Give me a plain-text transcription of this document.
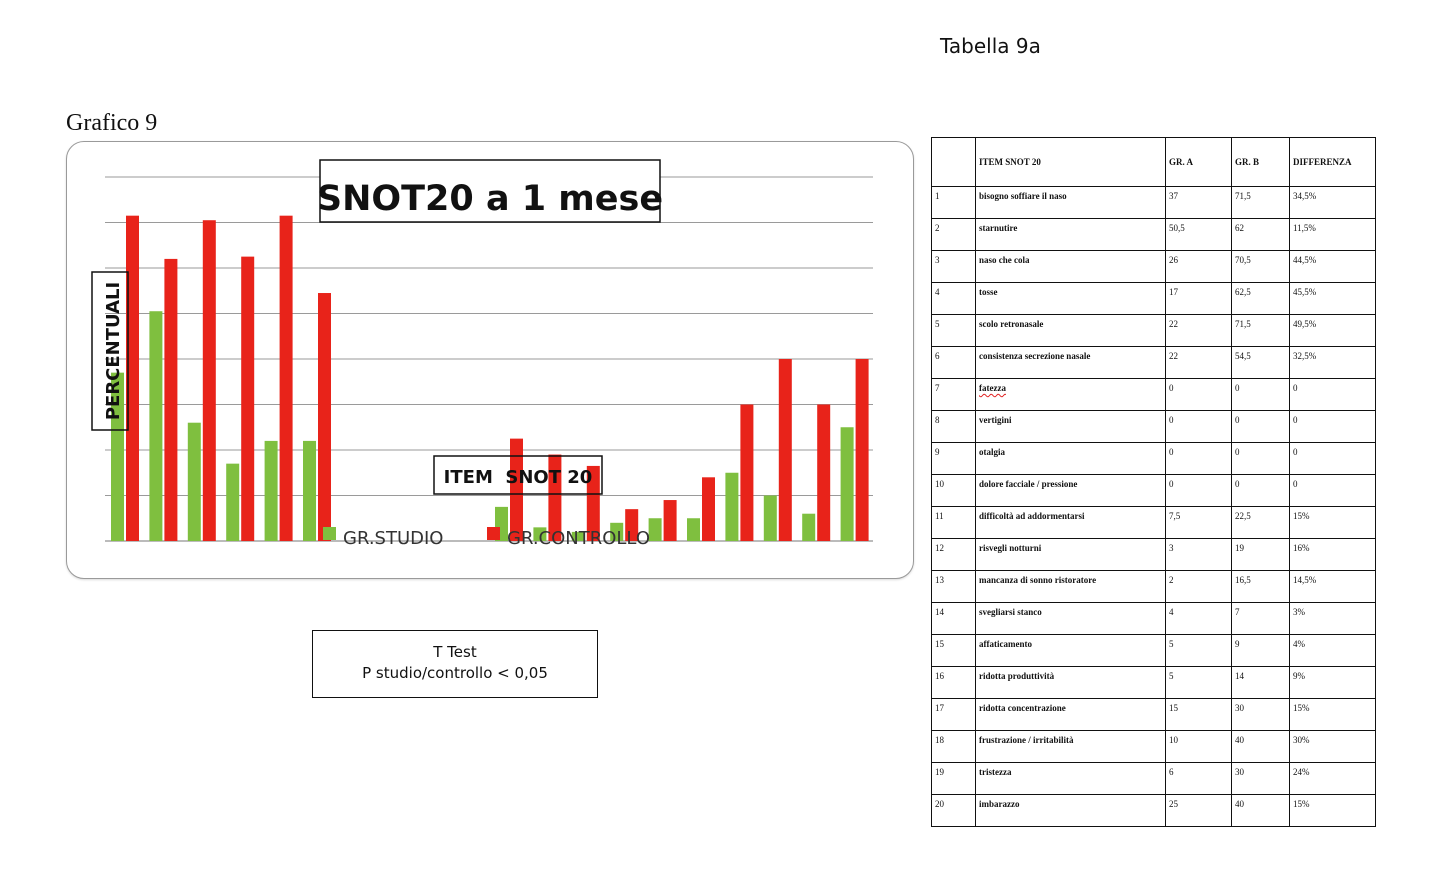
Tabella 9a
Grafico 9
SNOT20 a 1 mese
PERCENTUALI
ITEM  SNOT 20
GR.STUDIO	GR.CONTROLLO
T Test
P studio/controllo < 0,05
	ITEM SNOT 20	GR. A	GR. B	DIFFERENZA
1	bisogno soffiare il naso	37	71,5	34,5%
2	starnutire	50,5	62	11,5%
3	naso che cola	26	70,5	44,5%
4	tosse	17	62,5	45,5%
5	scolo retronasale	22	71,5	49,5%
6	consistenza secrezione nasale	22	54,5	32,5%
7	fatezza	0	0	0
8	vertigini	0	0	0
9	otalgia	0	0	0
10	dolore facciale / pressione	0	0	0
11	difficoltà ad addormentarsi	7,5	22,5	15%
12	risvegli notturni	3	19	16%
13	mancanza di sonno ristoratore	2	16,5	14,5%
14	svegliarsi stanco	4	7	3%
15	affaticamento	5	9	4%
16	ridotta produttività	5	14	9%
17	ridotta concentrazione	15	30	15%
18	frustrazione / irritabilità	10	40	30%
19	tristezza	6	30	24%
20	imbarazzo	25	40	15%
